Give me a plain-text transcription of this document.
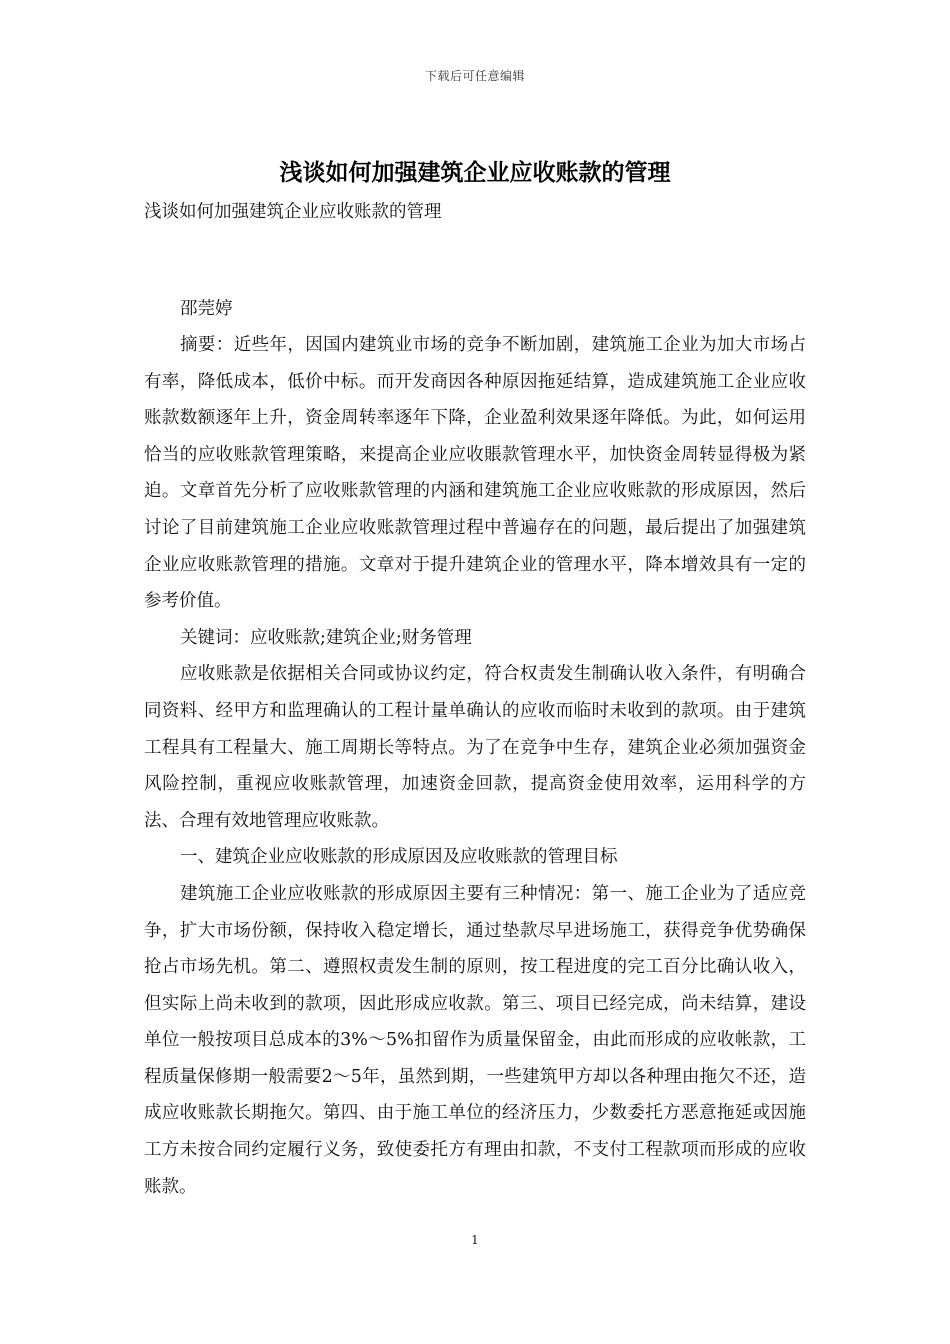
下载后可任意编辑
浅谈如何加强建筑企业应收账款的管理

浅谈如何加强建筑企业应收账款的管理

邵莞婷

摘要：近些年，因国内建筑业市场的竞争不断加剧，建筑施工企业为加大市场占有率，降低成本，低价中标。而开发商因各种原因拖延结算，造成建筑施工企业应收账款数额逐年上升，资金周转率逐年下降，企业盈利效果逐年降低。为此，如何运用恰当的应收账款管理策略，来提高企业应收賬款管理水平，加快资金周转显得极为紧迫。文章首先分析了应收账款管理的内涵和建筑施工企业应收账款的形成原因，然后讨论了目前建筑施工企业应收账款管理过程中普遍存在的问题，最后提出了加强建筑企业应收账款管理的措施。文章对于提升建筑企业的管理水平，降本增效具有一定的参考价值。

关键词：应收账款;建筑企业;财务管理

应收账款是依据相关合同或协议约定，符合权责发生制确认收入条件，有明确合同资料、经甲方和监理确认的工程计量单确认的应收而临时未收到的款项。由于建筑工程具有工程量大、施工周期长等特点。为了在竞争中生存，建筑企业必须加强资金风险控制，重视应收账款管理，加速资金回款，提高资金使用效率，运用科学的方法、合理有效地管理应收账款。

一、建筑企业应收账款的形成原因及应收账款的管理目标

建筑施工企业应收账款的形成原因主要有三种情况：第一、施工企业为了适应竞争，扩大市场份额，保持收入稳定增长，通过垫款尽早进场施工，获得竞争优势确保抢占市场先机。第二、遵照权责发生制的原则，按工程进度的完工百分比确认收入，但实际上尚未收到的款项，因此形成应收款。第三、项目已经完成，尚未结算，建设单位一般按项目总成本的3%～5%扣留作为质量保留金，由此而形成的应收帐款，工程质量保修期一般需要2～5年，虽然到期，一些建筑甲方却以各种理由拖欠不还，造成应收账款长期拖欠。第四、由于施工单位的经济压力，少数委托方恶意拖延或因施工方未按合同约定履行义务，致使委托方有理由扣款，不支付工程款项而形成的应收账款。

1
